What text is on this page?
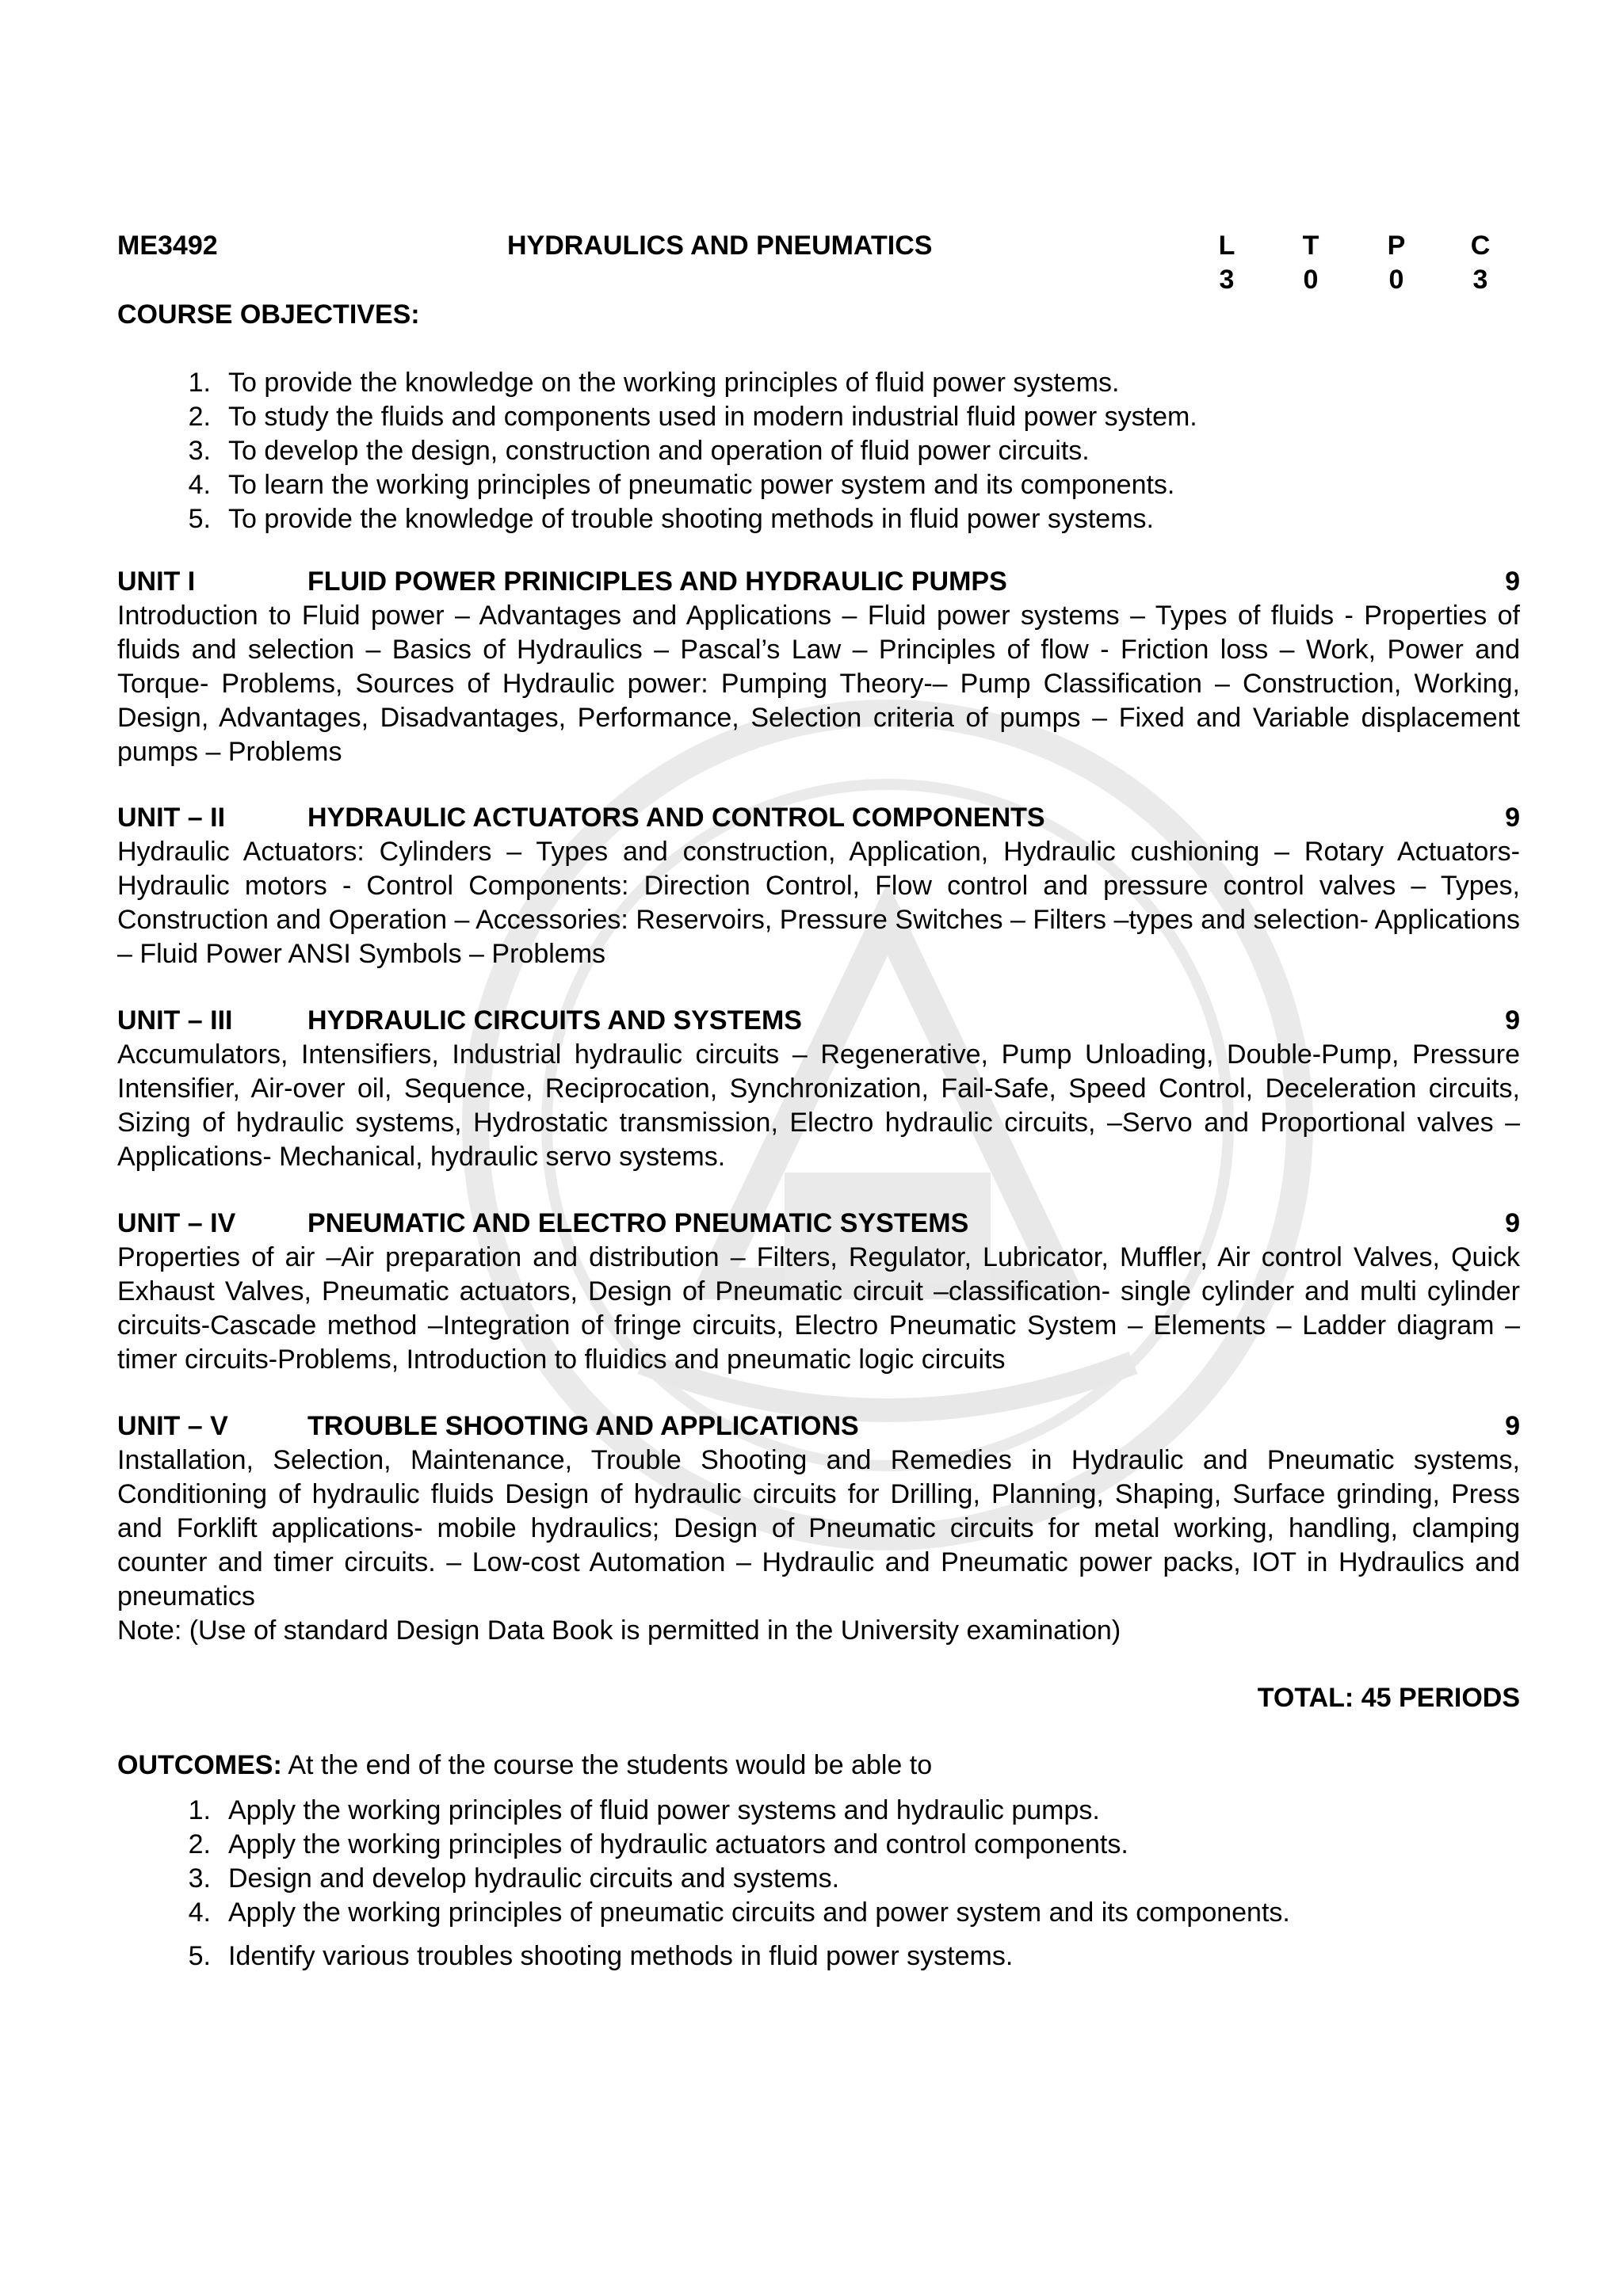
ME3492	HYDRAULICS AND PNEUMATICS	L	T	P	C
3	0	0	3
COURSE OBJECTIVES:
1. To provide the knowledge on the working principles of fluid power systems.
2. To study the fluids and components used in modern industrial fluid power system.
3. To develop the design, construction and operation of fluid power circuits.
4. To learn the working principles of pneumatic power system and its components.
5. To provide the knowledge of trouble shooting methods in fluid power systems.
UNIT I	FLUID POWER PRINICIPLES AND HYDRAULIC PUMPS	9
Introduction to Fluid power – Advantages and Applications – Fluid power systems – Types of fluids - Properties of fluids and selection – Basics of Hydraulics – Pascal’s Law – Principles of flow - Friction loss – Work, Power and Torque- Problems, Sources of Hydraulic power: Pumping Theory-– Pump Classification – Construction, Working, Design, Advantages, Disadvantages, Performance, Selection criteria of pumps – Fixed and Variable displacement pumps – Problems
UNIT – II	HYDRAULIC ACTUATORS AND CONTROL COMPONENTS	9
Hydraulic Actuators: Cylinders – Types and construction, Application, Hydraulic cushioning – Rotary Actuators-Hydraulic motors - Control Components: Direction Control, Flow control and pressure control valves – Types, Construction and Operation – Accessories: Reservoirs, Pressure Switches – Filters –types and selection- Applications – Fluid Power ANSI Symbols – Problems
UNIT – III	HYDRAULIC CIRCUITS AND SYSTEMS	9
Accumulators, Intensifiers, Industrial hydraulic circuits – Regenerative, Pump Unloading, Double-Pump, Pressure Intensifier, Air-over oil, Sequence, Reciprocation, Synchronization, Fail-Safe, Speed Control, Deceleration circuits, Sizing of hydraulic systems, Hydrostatic transmission, Electro hydraulic circuits, –Servo and Proportional valves – Applications- Mechanical, hydraulic servo systems.
UNIT – IV	PNEUMATIC AND ELECTRO PNEUMATIC SYSTEMS	9
Properties of air –Air preparation and distribution – Filters, Regulator, Lubricator, Muffler, Air control Valves, Quick Exhaust Valves, Pneumatic actuators, Design of Pneumatic circuit –classification- single cylinder and multi cylinder circuits-Cascade method –Integration of fringe circuits, Electro Pneumatic System – Elements – Ladder diagram – timer circuits-Problems, Introduction to fluidics and pneumatic logic circuits
UNIT – V	TROUBLE SHOOTING AND APPLICATIONS	9
Installation, Selection, Maintenance, Trouble Shooting and Remedies in Hydraulic and Pneumatic systems, Conditioning of hydraulic fluids Design of hydraulic circuits for Drilling, Planning, Shaping, Surface grinding, Press and Forklift applications- mobile hydraulics; Design of Pneumatic circuits for metal working, handling, clamping counter and timer circuits. – Low-cost Automation – Hydraulic and Pneumatic power packs, IOT in Hydraulics and pneumatics
Note: (Use of standard Design Data Book is permitted in the University examination)
TOTAL: 45 PERIODS
OUTCOMES: At the end of the course the students would be able to
1. Apply the working principles of fluid power systems and hydraulic pumps.
2. Apply the working principles of hydraulic actuators and control components.
3. Design and develop hydraulic circuits and systems.
4. Apply the working principles of pneumatic circuits and power system and its components.
5. Identify various troubles shooting methods in fluid power systems.
